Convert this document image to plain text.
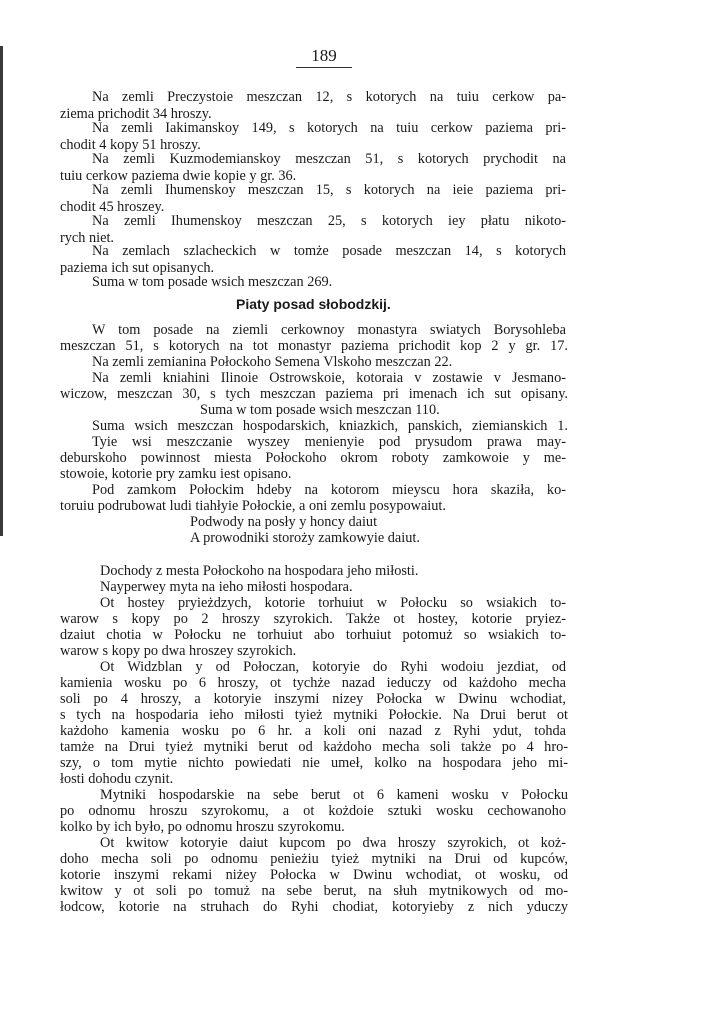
189
Piaty posad słobodzkij.
Na zemli Preczystoie meszczan 12, s kotorych na tuiu cerkow pa-
ziema prichodit 34 hroszy.
Na zemli Iakimanskoy 149, s kotorych na tuiu cerkow paziema pri-
chodit 4 kopy 51 hroszy.
Na zemli Kuzmodemianskoy meszczan 51, s kotorych prychodit na
tuiu cerkow paziema dwie kopie y gr. 36.
Na zemli Ihumenskoy meszczan 15, s kotorych na ieie paziema pri-
chodit 45 hroszey.
Na zemli Ihumenskoy meszczan 25, s kotorych iey płatu nikoto-
rych niet.
Na zemlach szlacheckich w tomże posade meszczan 14, s kotorych
paziema ich sut opisanych.
Suma w tom posade wsich meszczan 269.
W tom posade na ziemli cerkownoy monastyra swiatych Borysohleba
meszczan 51, s kotorych na tot monastyr paziema prichodit kop 2 y gr. 17.
Na zemli zemianina Połockoho Semena Vlskoho meszczan 22.
Na zemli kniahini Ilinoie Ostrowskoie, kotoraia v zostawie v Jesmano-
wiczow, meszczan 30, s tych meszczan paziema pri imenach ich sut opisany.
Suma w tom posade wsich meszczan 110.
Suma wsich meszczan hospodarskich, kniazkich, panskich, ziemianskich 1.
Tyie wsi meszczanie wyszey menienyie pod prysudom prawa may-
deburskoho powinnost miesta Połockoho okrom roboty zamkowoie y me-
stowoie, kotorie pry zamku iest opisano.
Pod zamkom Połockim hdeby na kotorom mieyscu hora skaziła, ko-
toruiu podrubowat ludi tiahłyie Połockie, a oni zemlu posypowaiut.
Podwody na posły y honcy daiut
A prowodniki storoży zamkowyie daiut.
Dochody z mesta Połockoho na hospodara jeho miłosti.
Nayperwey myta na ieho miłosti hospodara.
Ot hostey pryieżdzych, kotorie torhuiut w Połocku so wsiakich to-
warow s kopy po 2 hroszy szyrokich. Także ot hostey, kotorie pryiez-
dzaiut chotia w Połocku ne torhuiut abo torhuiut potomuż so wsiakich to-
warow s kopy po dwa hroszey szyrokich.
Ot Widzblan y od Połoczan, kotoryie do Ryhi wodoiu jezdiat, od
kamienia wosku po 6 hroszy, ot tychże nazad ieduczy od każdoho mecha
soli po 4 hroszy, a kotoryie inszymi nizey Połocka w Dwinu wchodiat,
s tych na hospodaria ieho miłosti tyież mytniki Połockie. Na Drui berut ot
każdoho kamenia wosku po 6 hr. a koli oni nazad z Ryhi ydut, tohda
tamże na Drui tyież mytniki berut od każdoho mecha soli także po 4 hro-
szy, o tom mytie nichto powiedati nie umeł, kolko na hospodara jeho mi-
łosti dohodu czynit.
Mytniki hospodarskie na sebe berut ot 6 kameni wosku v Połocku
po odnomu hroszu szyrokomu, a ot kożdoie sztuki wosku cechowanoho
kolko by ich było, po odnomu hroszu szyrokomu.
Ot kwitow kotoryie daiut kupcom po dwa hroszy szyrokich, ot koż-
doho mecha soli po odnomu penieżiu tyież mytniki na Drui od kupców,
kotorie inszymi rekami niżey Połocka w Dwinu wchodiat, ot wosku, od
kwitow y ot soli po tomuż na sebe berut, na słuh mytnikowych od mo-
łodcow, kotorie na struhach do Ryhi chodiat, kotoryieby z nich yduczy
